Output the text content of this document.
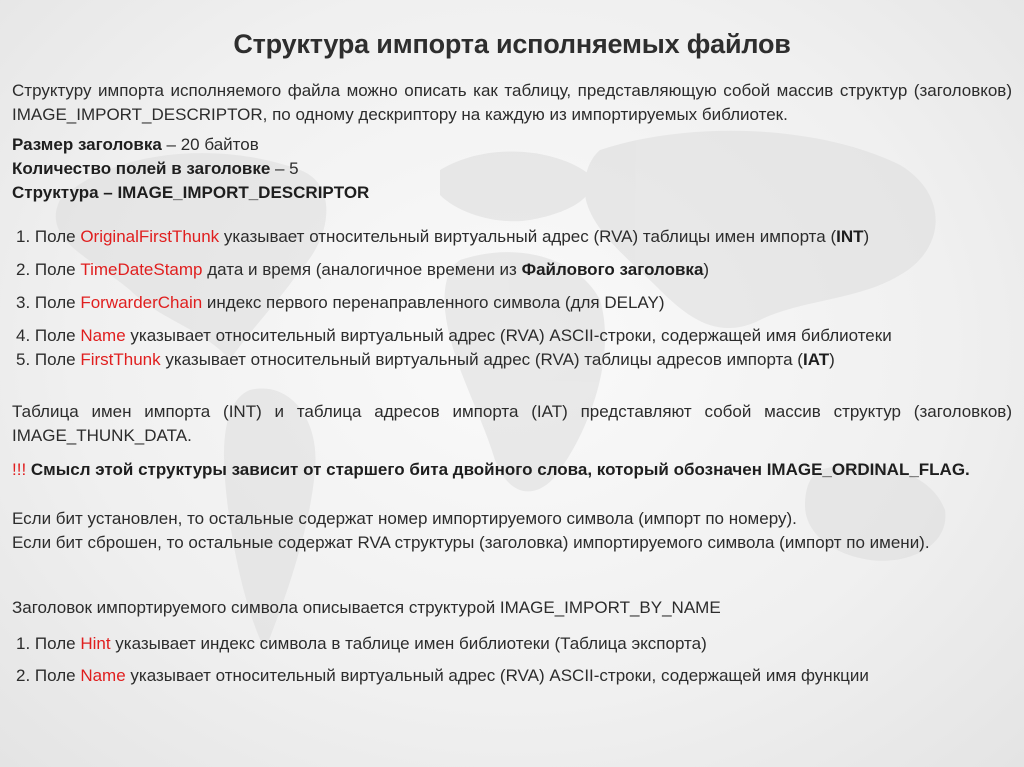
Структура импорта исполняемых файлов
Структуру импорта исполняемого файла можно описать как таблицу, представляющую собой массив структур (заголовков) IMAGE_IMPORT_DESCRIPTOR, по одному дескриптору на каждую из импортируемых библиотек.
Размер заголовка – 20 байтов
Количество полей в заголовке – 5
Структура – IMAGE_IMPORT_DESCRIPTOR
1. Поле OriginalFirstThunk указывает относительный виртуальный адрес (RVA) таблицы имен импорта (INT)
2. Поле TimeDateStamp дата и время (аналогичное времени из Файлового заголовка)
3. Поле ForwarderChain индекс первого перенаправленного символа (для DELAY)
4. Поле Name указывает относительный виртуальный адрес (RVA) ASCII-строки, содержащей имя библиотеки
5. Поле FirstThunk указывает относительный виртуальный адрес (RVA) таблицы адресов импорта (IAT)
Таблица имен импорта (INT) и таблица адресов импорта (IAT) представляют собой массив структур (заголовков) IMAGE_THUNK_DATA.
!!! Смысл этой структуры зависит от старшего бита двойного слова, который обозначен IMAGE_ORDINAL_FLAG.
Если бит установлен, то остальные содержат номер импортируемого символа (импорт по номеру).
Если бит сброшен, то остальные содержат RVA структуры (заголовка) импортируемого символа (импорт по имени).
Заголовок импортируемого символа описывается структурой IMAGE_IMPORT_BY_NAME
1. Поле Hint указывает индекс символа в таблице имен библиотеки (Таблица экспорта)
2. Поле Name указывает относительный виртуальный адрес (RVA) ASCII-строки, содержащей имя функции
